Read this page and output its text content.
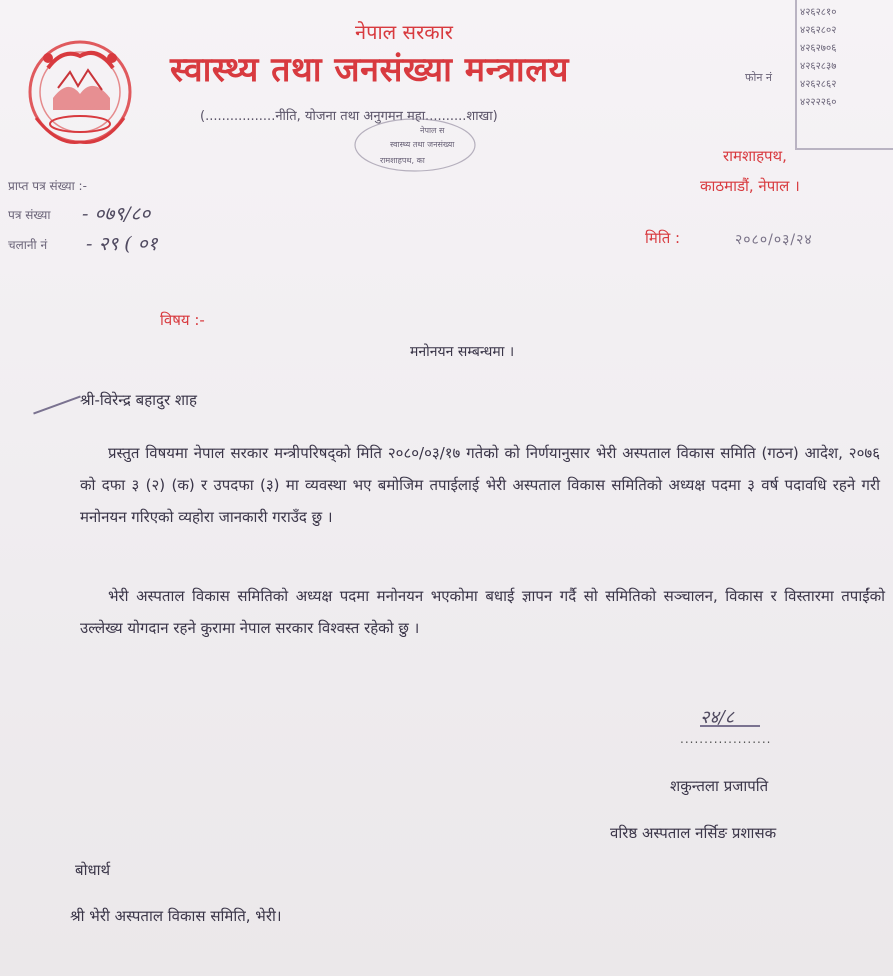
नेपाल सरकार
स्वास्थ्य तथा जनसंख्या मन्त्रालय
(.................नीति, योजना तथा अनुगमन महा..........शाखा)
नेपाल स
स्वास्थ्य तथा जनसंख्या
रामशाहपथ, का
फोन नं
४२६२८१०
४२६२८०२
४२६२७०६
४२६२८३७
४२६२८६२
४२२२२६०
रामशाहपथ,
काठमाडौं, नेपाल ।
प्राप्त पत्र संख्या :-
पत्र संख्या - ०७९/८०
चलानी नं - २९ ( ०१	मिति :	२०८०/०३/२४
विषय :-
मनोनयन सम्बन्धमा ।
श्री-विरेन्द्र बहादुर शाह
प्रस्तुत विषयमा नेपाल सरकार मन्त्रीपरिषद्को मिति २०८०/०३/१७ गतेको को निर्णयानुसार भेरी अस्पताल विकास समिति (गठन) आदेश, २०७६ को दफा ३ (२) (क) र उपदफा (३) मा व्यवस्था भए बमोजिम तपाईलाई भेरी अस्पताल विकास समितिको अध्यक्ष पदमा ३ वर्ष पदावधि रहने गरी मनोनयन गरिएको व्यहोरा जानकारी गराउँद छु ।
भेरी अस्पताल विकास समितिको अध्यक्ष पदमा मनोनयन भएकोमा बधाई ज्ञापन गर्दै सो समितिको सञ्चालन, विकास र विस्तारमा तपाईंको उल्लेख्य योगदान रहने कुरामा नेपाल सरकार विश्वस्त रहेको छु ।
२४/८
...................
शकुन्तला प्रजापति
वरिष्ठ अस्पताल नर्सिङ प्रशासक
बोधार्थ
श्री भेरी अस्पताल विकास समिति, भेरी।
